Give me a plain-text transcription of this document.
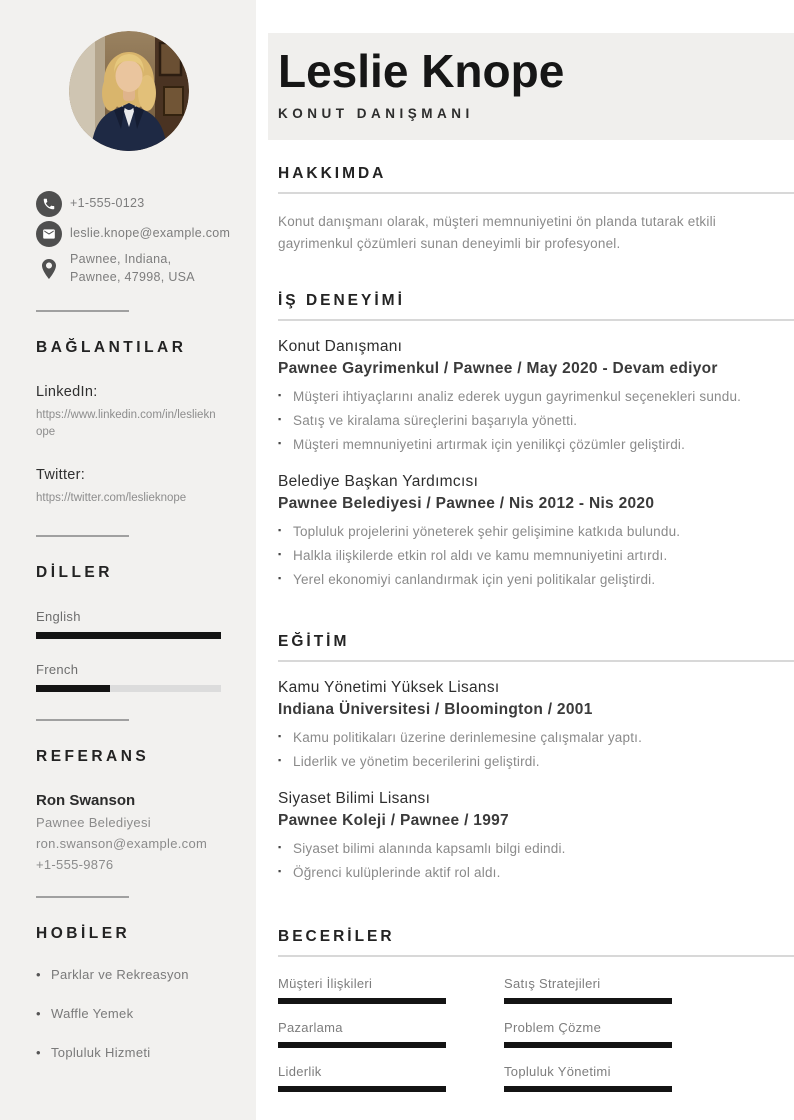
+1-555-0123
leslie.knope@example.com
Pawnee, Indiana, Pawnee, 47998, USA
BAĞLANTILAR
LinkedIn:
https://www.linkedin.com/in/leslieknope
Twitter:
https://twitter.com/leslieknope
DİLLER
English
French
REFERANS
Ron Swanson
Pawnee Belediyesi
ron.swanson@example.com
+1-555-9876
HOBİLER
• Parklar ve Rekreasyon
• Waffle Yemek
• Topluluk Hizmeti
Leslie Knope
KONUT DANIŞMANI
HAKKIMDA

Konut danışmanı olarak, müşteri memnuniyetini ön planda tutarak etkili gayrimenkul çözümleri sunan deneyimli bir profesyonel.

İŞ DENEYİMİ
Konut Danışmanı
Pawnee Gayrimenkul / Pawnee / May 2020 - Devam ediyor
▪ Müşteri ihtiyaçlarını analiz ederek uygun gayrimenkul seçenekleri sundu.
▪ Satış ve kiralama süreçlerini başarıyla yönetti.
▪ Müşteri memnuniyetini artırmak için yenilikçi çözümler geliştirdi.
Belediye Başkan Yardımcısı
Pawnee Belediyesi / Pawnee / Nis 2012 - Nis 2020
▪ Topluluk projelerini yöneterek şehir gelişimine katkıda bulundu.
▪ Halkla ilişkilerde etkin rol aldı ve kamu memnuniyetini artırdı.
▪ Yerel ekonomiyi canlandırmak için yeni politikalar geliştirdi.
EĞİTİM
Kamu Yönetimi Yüksek Lisansı
Indiana Üniversitesi / Bloomington / 2001
▪ Kamu politikaları üzerine derinlemesine çalışmalar yaptı.
▪ Liderlik ve yönetim becerilerini geliştirdi.
Siyaset Bilimi Lisansı
Pawnee Koleji / Pawnee / 1997
▪ Siyaset bilimi alanında kapsamlı bilgi edindi.
▪ Öğrenci kulüplerinde aktif rol aldı.
BECERİLER
Müşteri İlişkileri	Satış Stratejileri
Pazarlama	Problem Çözme
Liderlik	Topluluk Yönetimi
